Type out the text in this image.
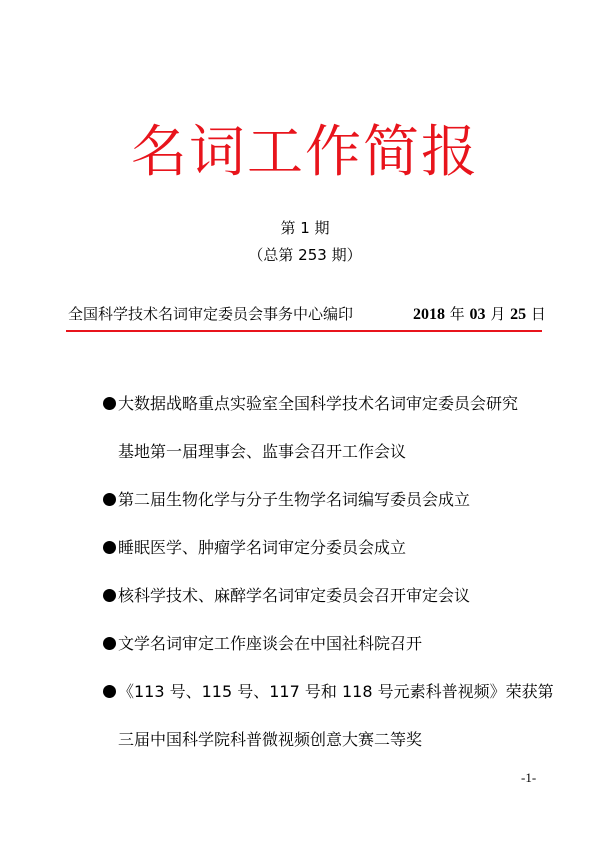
名词工作简报
第 1 期
（总第 253 期）
全国科学技术名词审定委员会事务中心编印	2018 年 03 月 25 日
大数据战略重点实验室全国科学技术名词审定委员会研究
基地第一届理事会、监事会召开工作会议
第二届生物化学与分子生物学名词编写委员会成立
睡眠医学、肿瘤学名词审定分委员会成立
核科学技术、麻醉学名词审定委员会召开审定会议
文学名词审定工作座谈会在中国社科院召开
《113 号、115 号、117 号和 118 号元素科普视频》荣获第
三届中国科学院科普微视频创意大赛二等奖
-1-
